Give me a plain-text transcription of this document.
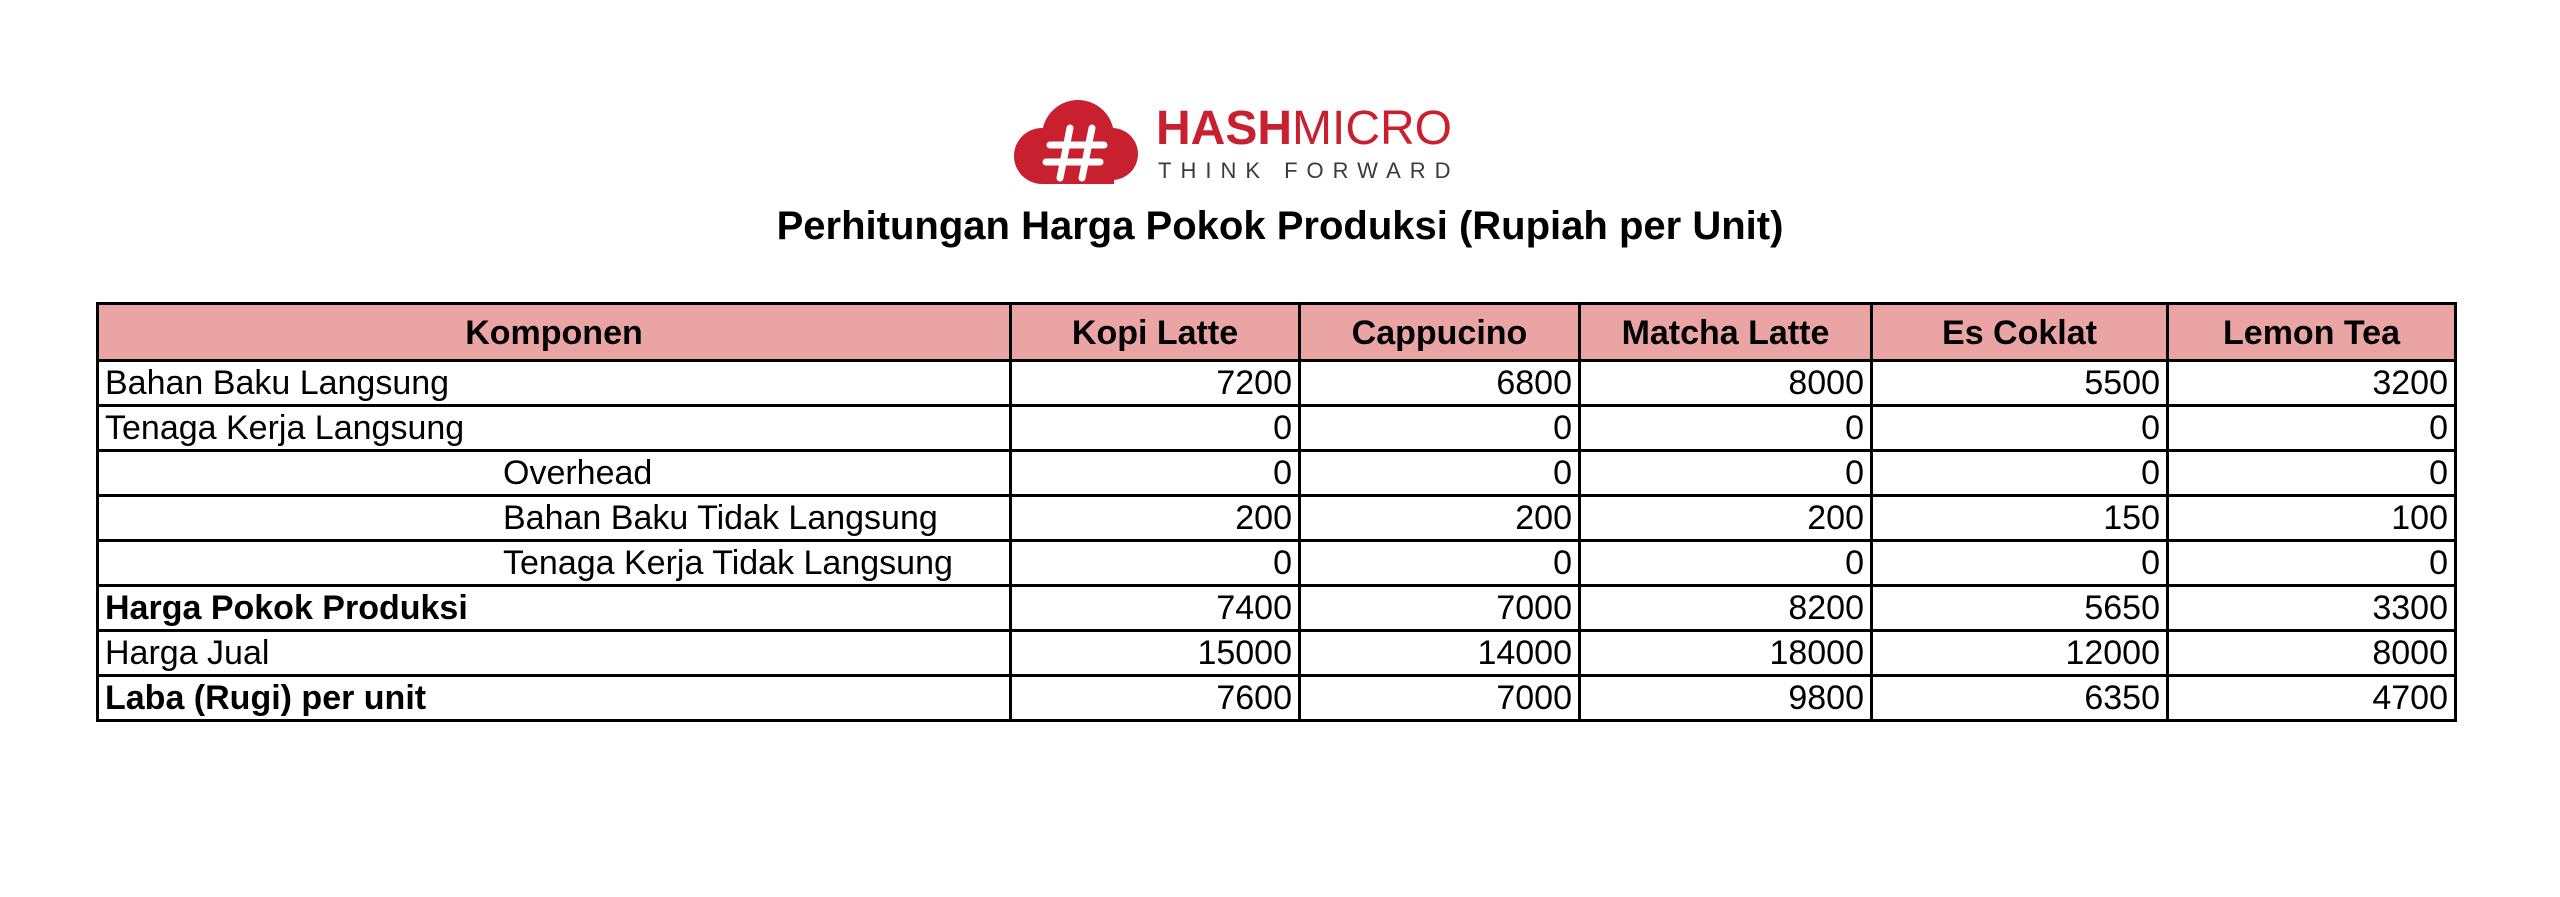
HASHMICRO
THINK FORWARD
Perhitungan Harga Pokok Produksi (Rupiah per Unit)
Komponen	Kopi Latte	Cappucino	Matcha Latte	Es Coklat	Lemon Tea
Bahan Baku Langsung	7200	6800	8000	5500	3200
Tenaga Kerja Langsung	0	0	0	0	0
Overhead	0	0	0	0	0
Bahan Baku Tidak Langsung	200	200	200	150	100
Tenaga Kerja Tidak Langsung	0	0	0	0	0
Harga Pokok Produksi	7400	7000	8200	5650	3300
Harga Jual	15000	14000	18000	12000	8000
Laba (Rugi) per unit	7600	7000	9800	6350	4700
